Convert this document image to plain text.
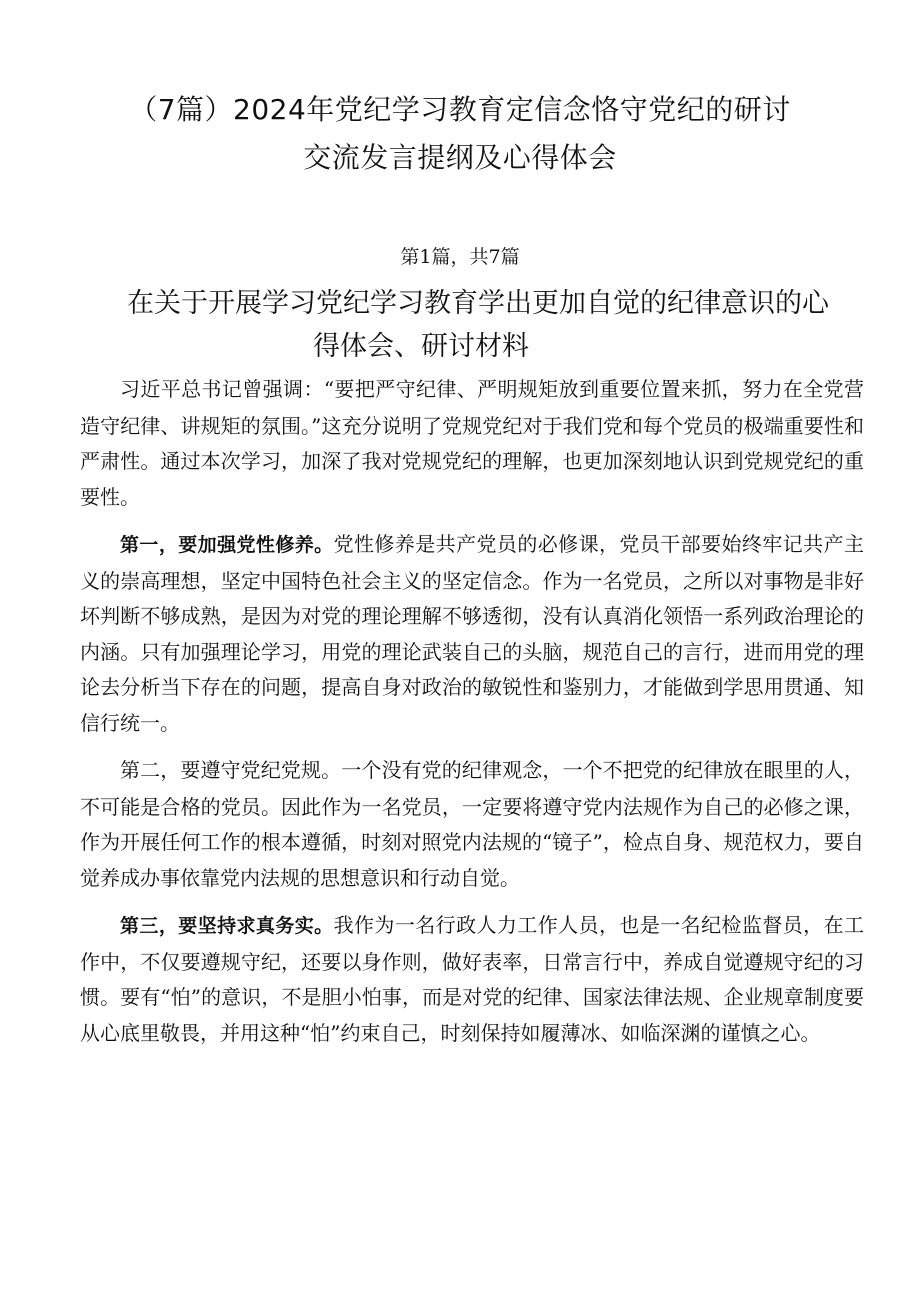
（7篇）2024年党纪学习教育定信念恪守党纪的研讨
交流发言提纲及心得体会
第1篇，共7篇
在关于开展学习党纪学习教育学出更加自觉的纪律意识的心
得体会、研讨材料

习近平总书记曾强调：“要把严守纪律、严明规矩放到重要位置来抓，努力在全党营造守纪律、讲规矩的氛围。”这充分说明了党规党纪对于我们党和每个党员的极端重要性和严肃性。通过本次学习，加深了我对党规党纪的理解，也更加深刻地认识到党规党纪的重要性。

第一，要加强党性修养。党性修养是共产党员的必修课，党员干部要始终牢记共产主义的崇高理想，坚定中国特色社会主义的坚定信念。作为一名党员，之所以对事物是非好坏判断不够成熟，是因为对党的理论理解不够透彻，没有认真消化领悟一系列政治理论的内涵。只有加强理论学习，用党的理论武装自己的头脑，规范自己的言行，进而用党的理论去分析当下存在的问题，提高自身对政治的敏锐性和鉴别力，才能做到学思用贯通、知信行统一。

第二，要遵守党纪党规。一个没有党的纪律观念，一个不把党的纪律放在眼里的人，不可能是合格的党员。因此作为一名党员，一定要将遵守党内法规作为自己的必修之课，作为开展任何工作的根本遵循，时刻对照党内法规的“镜子”，检点自身、规范权力，要自觉养成办事依靠党内法规的思想意识和行动自觉。

第三，要坚持求真务实。我作为一名行政人力工作人员，也是一名纪检监督员，在工作中，不仅要遵规守纪，还要以身作则，做好表率，日常言行中，养成自觉遵规守纪的习惯。要有“怕”的意识，不是胆小怕事，而是对党的纪律、国家法律法规、企业规章制度要从心底里敬畏，并用这种“怕”约束自己，时刻保持如履薄冰、如临深渊的谨慎之心。
